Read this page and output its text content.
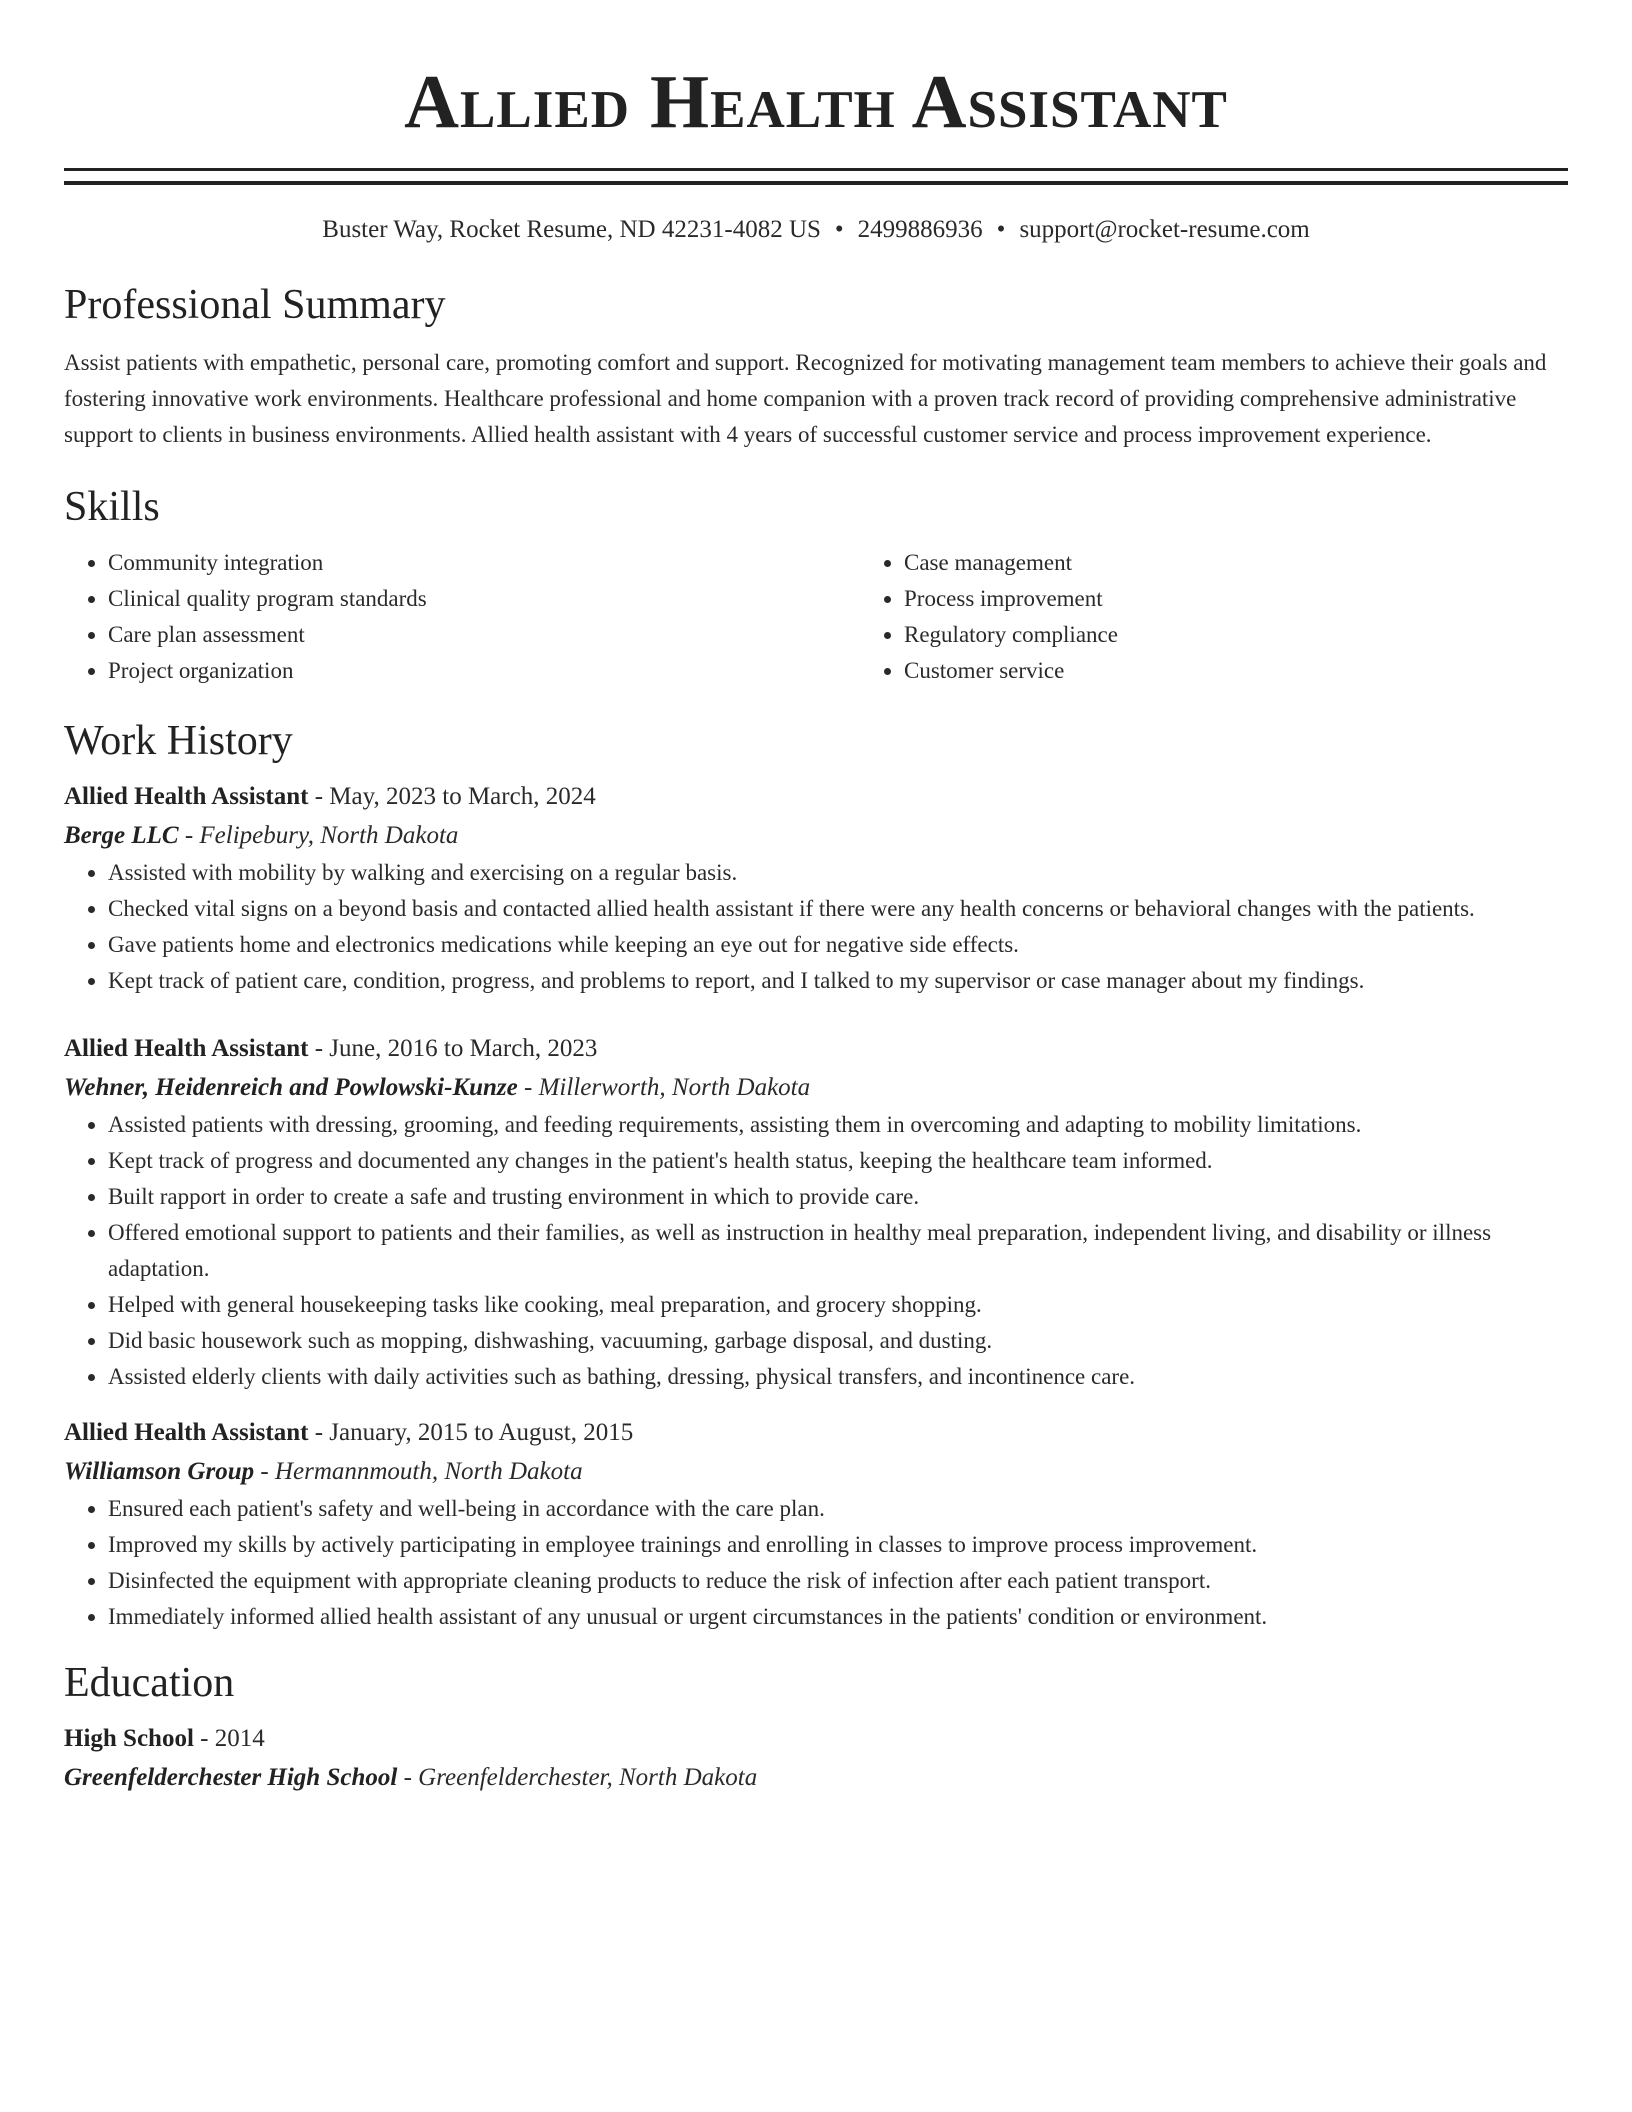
Allied Health Assistant
Buster Way, Rocket Resume, ND 42231-4082 US • 2499886936 • support@rocket-resume.com
Professional Summary

Assist patients with empathetic, personal care, promoting comfort and support. Recognized for motivating management team members to achieve their goals and fostering innovative work environments. Healthcare professional and home companion with a proven track record of providing comprehensive administrative support to clients in business environments. Allied health assistant with 4 years of successful customer service and process improvement experience.

Skills
• Community integration
• Clinical quality program standards
• Care plan assessment
• Project organization
• Case management
• Process improvement
• Regulatory compliance
• Customer service
Work History
Allied Health Assistant - May, 2023 to March, 2024
Berge LLC - Felipebury, North Dakota
• Assisted with mobility by walking and exercising on a regular basis.
• Checked vital signs on a beyond basis and contacted allied health assistant if there were any health concerns or behavioral changes with the patients.
• Gave patients home and electronics medications while keeping an eye out for negative side effects.
• Kept track of patient care, condition, progress, and problems to report, and I talked to my supervisor or case manager about my findings.
Allied Health Assistant - June, 2016 to March, 2023
Wehner, Heidenreich and Powlowski-Kunze - Millerworth, North Dakota
• Assisted patients with dressing, grooming, and feeding requirements, assisting them in overcoming and adapting to mobility limitations.
• Kept track of progress and documented any changes in the patient's health status, keeping the healthcare team informed.
• Built rapport in order to create a safe and trusting environment in which to provide care.
• Offered emotional support to patients and their families, as well as instruction in healthy meal preparation, independent living, and disability or illness adaptation.
• Helped with general housekeeping tasks like cooking, meal preparation, and grocery shopping.
• Did basic housework such as mopping, dishwashing, vacuuming, garbage disposal, and dusting.
• Assisted elderly clients with daily activities such as bathing, dressing, physical transfers, and incontinence care.
Allied Health Assistant - January, 2015 to August, 2015
Williamson Group - Hermannmouth, North Dakota
• Ensured each patient's safety and well-being in accordance with the care plan.
• Improved my skills by actively participating in employee trainings and enrolling in classes to improve process improvement.
• Disinfected the equipment with appropriate cleaning products to reduce the risk of infection after each patient transport.
• Immediately informed allied health assistant of any unusual or urgent circumstances in the patients' condition or environment.
Education
High School - 2014
Greenfelderchester High School - Greenfelderchester, North Dakota
